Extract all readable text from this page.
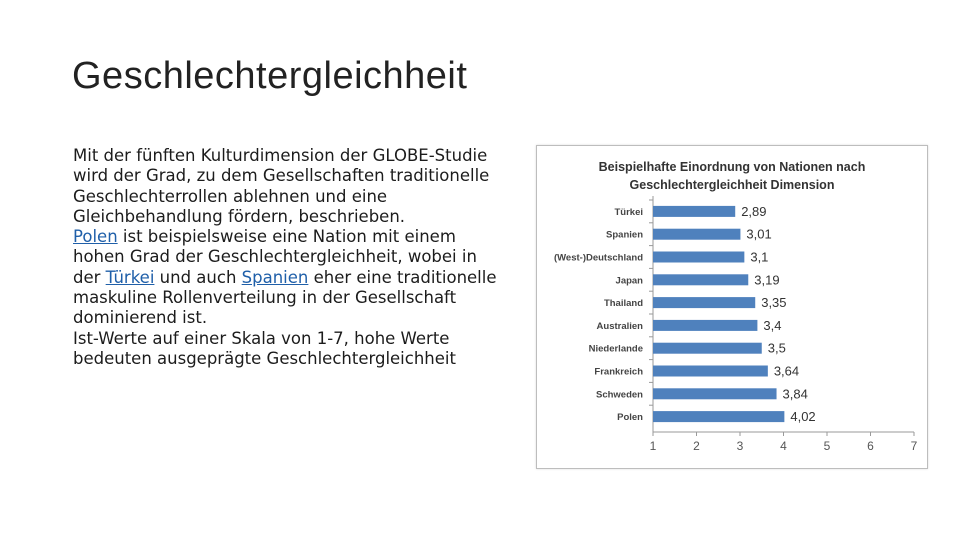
Geschlechtergleichheit

Mit der fünften Kulturdimension der GLOBE-Studie wird der Grad, zu dem Gesellschaften traditionelle Geschlechterrollen ablehnen und eine Gleichbehandlung fördern, beschrieben.

Polen ist beispielsweise eine Nation mit einem hohen Grad der Geschlechtergleichheit, wobei in der Türkei und auch Spanien eher eine traditionelle maskuline Rollenverteilung in der Gesellschaft dominierend ist.

Ist-Werte auf einer Skala von 1-7, hohe Werte bedeuten ausgeprägte Geschlechtergleichheit

Beispielhafte Einordnung von Nationen nach
Geschlechtergleichheit Dimension
Türkei	2,89
Spanien	3,01
(West-)Deutschland	3,1
Japan	3,19
Thailand	3,35
Australien	3,4
Niederlande	3,5
Frankreich	3,64
Schweden	3,84
Polen	4,02
1	2	3	4	5	6	7
